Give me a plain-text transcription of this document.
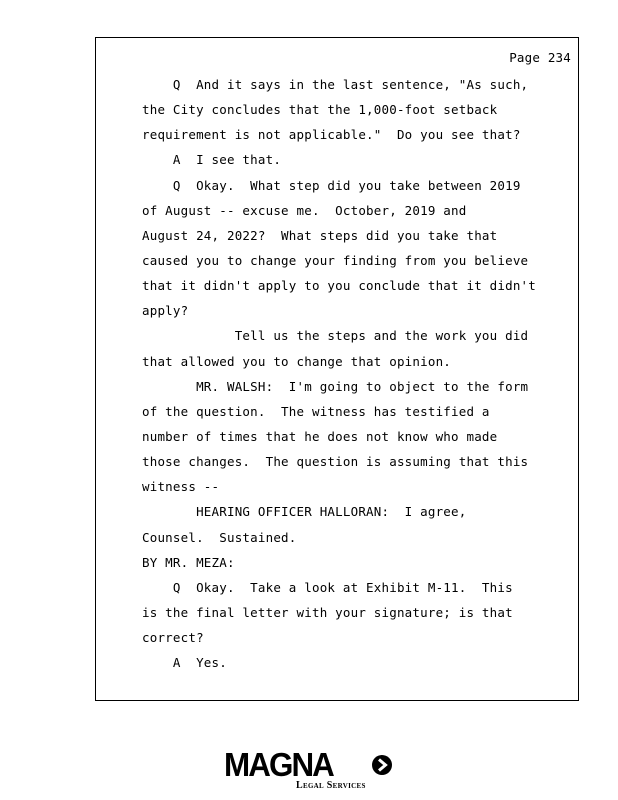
Page 234
Q  And it says in the last sentence, "As such,
the City concludes that the 1,000-foot setback
requirement is not applicable."  Do you see that?
A  I see that.
Q  Okay.  What step did you take between 2019
of August -- excuse me.  October, 2019 and
August 24, 2022?  What steps did you take that
caused you to change your finding from you believe
that it didn't apply to you conclude that it didn't
apply?
Tell us the steps and the work you did
that allowed you to change that opinion.
MR. WALSH:  I'm going to object to the form
of the question.  The witness has testified a
number of times that he does not know who made
those changes.  The question is assuming that this
witness --
HEARING OFFICER HALLORAN:  I agree,
Counsel.  Sustained.
BY MR. MEZA:
Q  Okay.  Take a look at Exhibit M-11.  This
is the final letter with your signature; is that
correct?
A  Yes.
MAGNA
Legal Services
